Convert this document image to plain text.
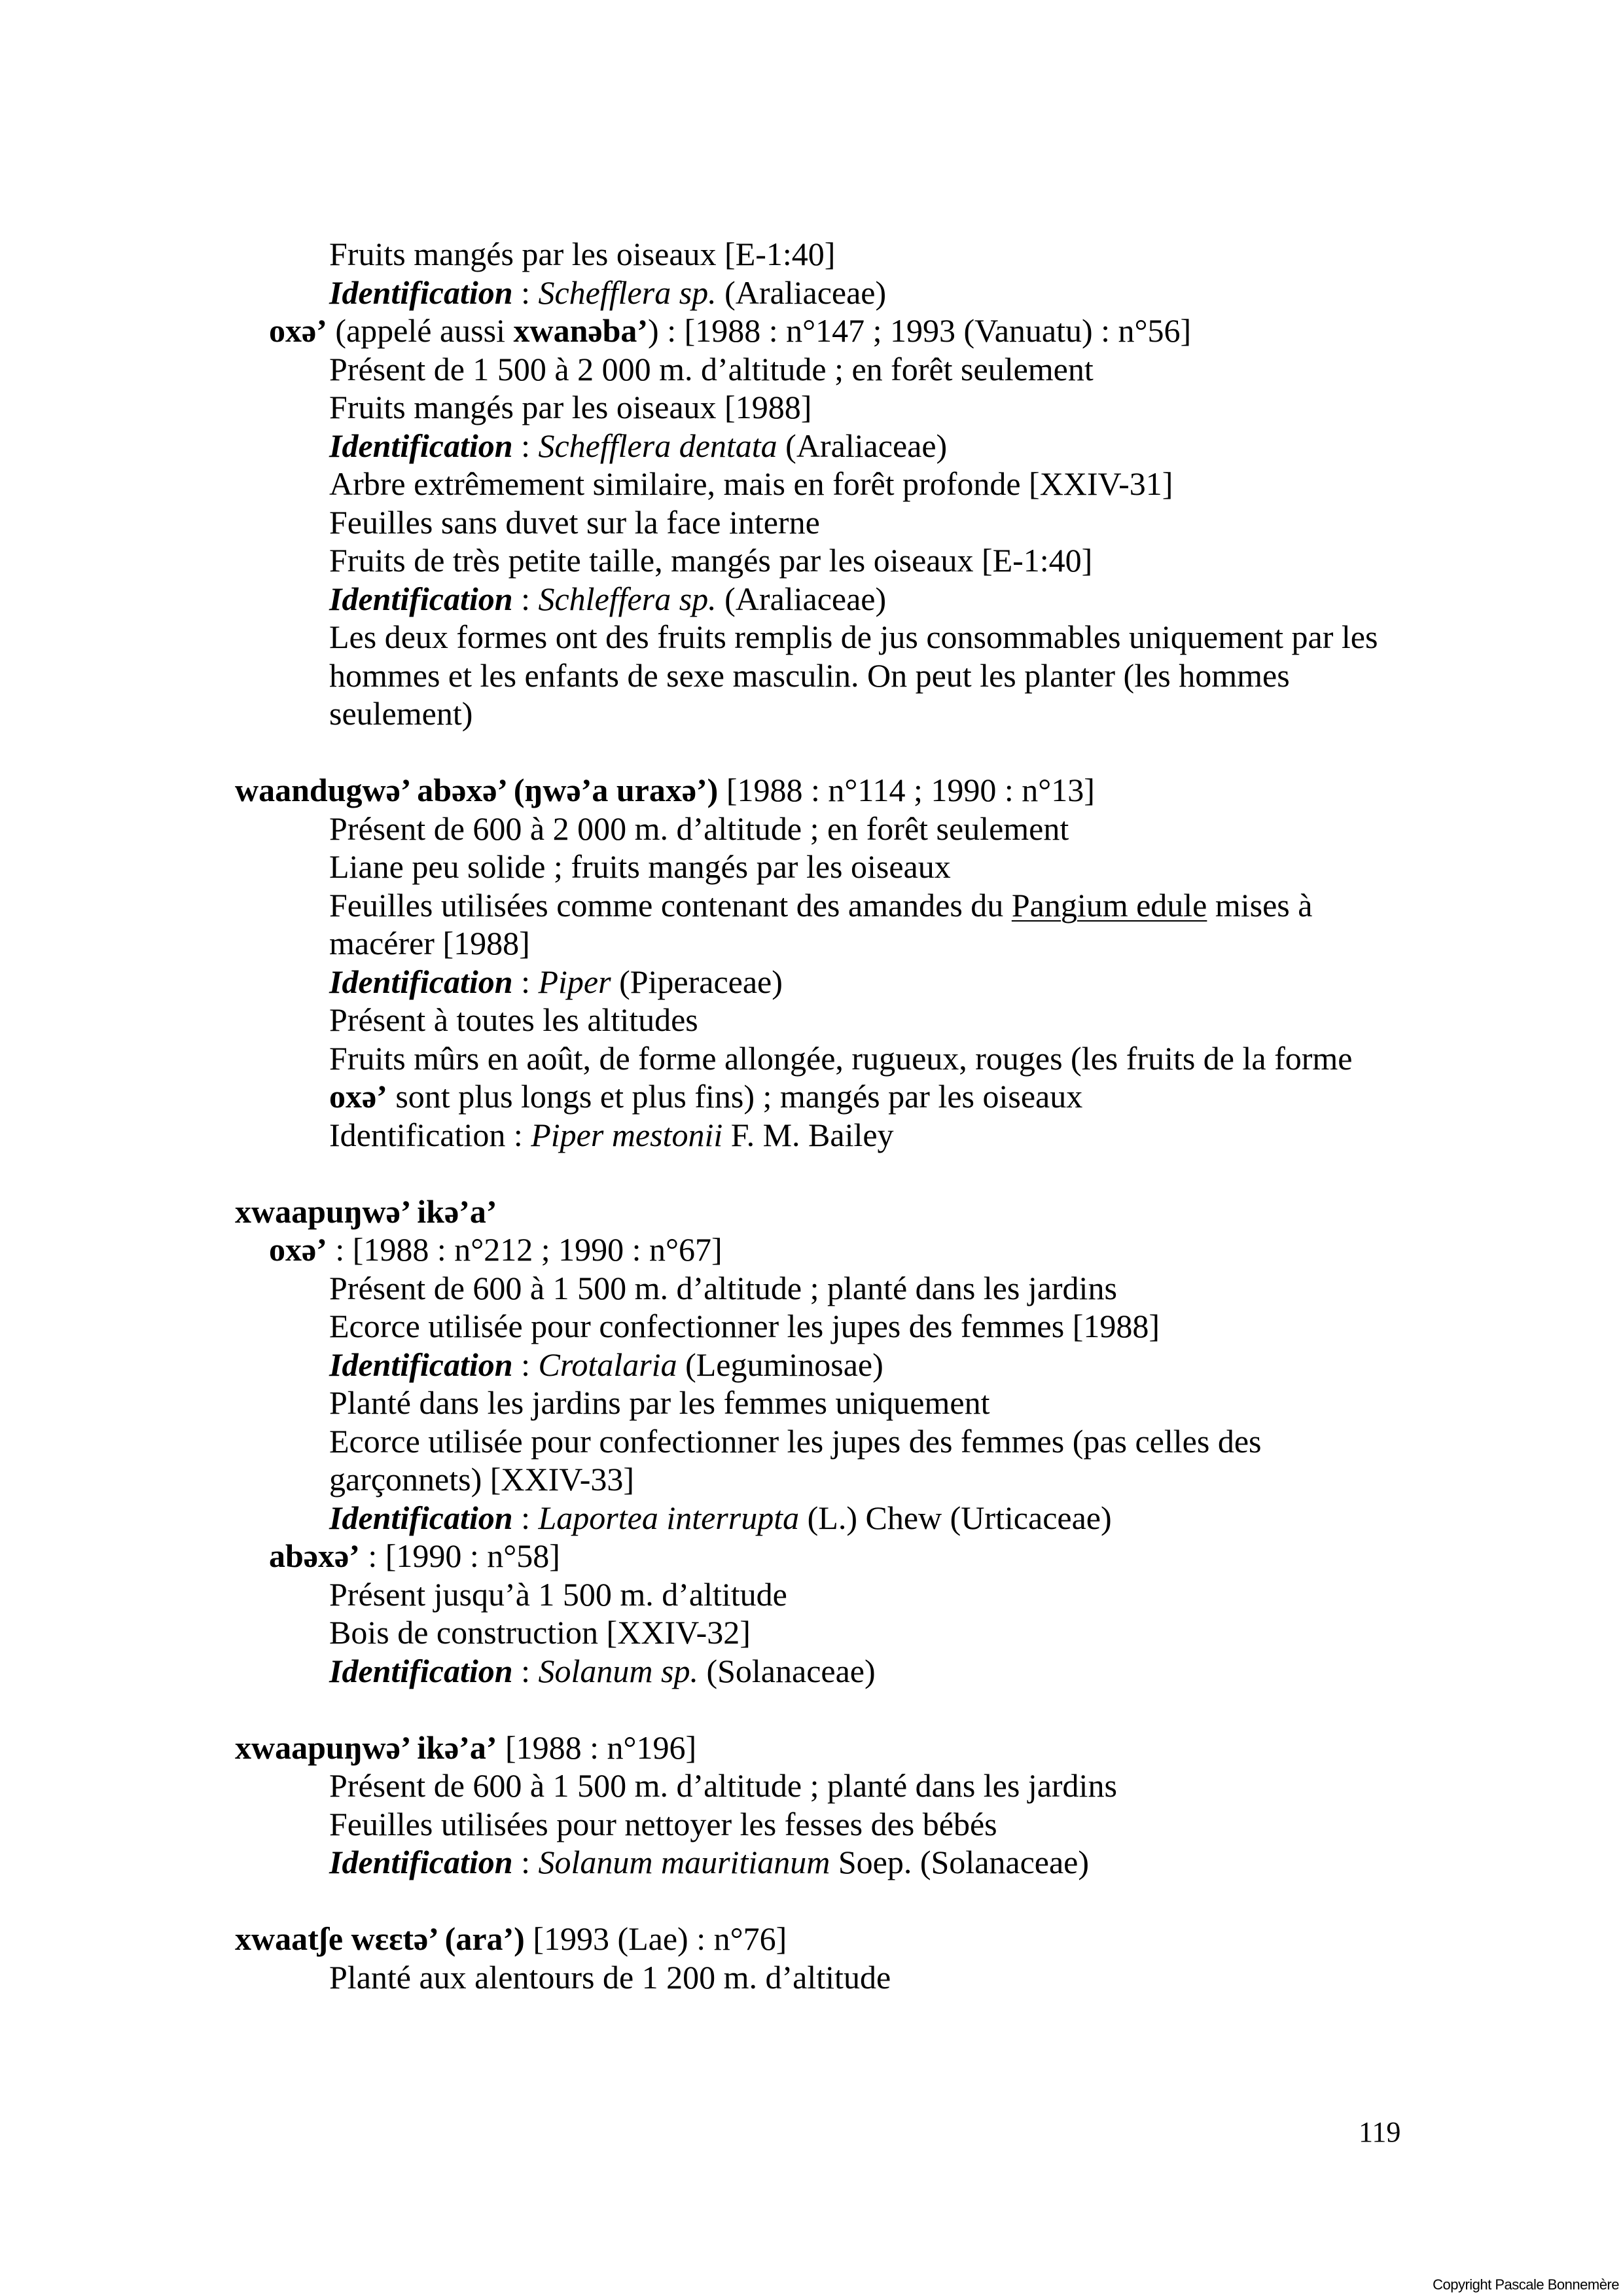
Fruits mangés par les oiseaux [E-1:40]
Identification : Schefflera sp. (Araliaceae)
oxə’ (appelé aussi xwanəba’) : [1988 : n°147 ; 1993 (Vanuatu) : n°56]
Présent de 1 500 à 2 000 m. d’altitude ; en forêt seulement
Fruits mangés par les oiseaux [1988]
Identification : Schefflera dentata (Araliaceae)
Arbre extrêmement similaire, mais en forêt profonde [XXIV-31]
Feuilles sans duvet sur la face interne
Fruits de très petite taille, mangés par les oiseaux [E-1:40]
Identification : Schleffera sp. (Araliaceae)
Les deux formes ont des fruits remplis de jus consommables uniquement par les
hommes et les enfants de sexe masculin. On peut les planter (les hommes
seulement)
waandugwə’ abəxə’ (ŋwə’a uraxə’) [1988 : n°114 ; 1990 : n°13]
Présent de 600 à 2 000 m. d’altitude ; en forêt seulement
Liane peu solide ; fruits mangés par les oiseaux
Feuilles utilisées comme contenant des amandes du Pangium edule mises à
macérer [1988]
Identification : Piper (Piperaceae)
Présent à toutes les altitudes
Fruits mûrs en août, de forme allongée, rugueux, rouges (les fruits de la forme
oxə’ sont plus longs et plus fins) ; mangés par les oiseaux
Identification : Piper mestonii F. M. Bailey
xwaapuŋwə’ ikə’a’
oxə’ : [1988 : n°212 ; 1990 : n°67]
Présent de 600 à 1 500 m. d’altitude ; planté dans les jardins
Ecorce utilisée pour confectionner les jupes des femmes [1988]
Identification : Crotalaria (Leguminosae)
Planté dans les jardins par les femmes uniquement
Ecorce utilisée pour confectionner les jupes des femmes (pas celles des
garçonnets) [XXIV-33]
Identification : Laportea interrupta (L.) Chew (Urticaceae)
abəxə’ : [1990 : n°58]
Présent jusqu’à 1 500 m. d’altitude
Bois de construction [XXIV-32]
Identification : Solanum sp. (Solanaceae)
xwaapuŋwə’ ikə’a’ [1988 : n°196]
Présent de 600 à 1 500 m. d’altitude ; planté dans les jardins
Feuilles utilisées pour nettoyer les fesses des bébés
Identification : Solanum mauritianum Soep. (Solanaceae)
xwaatʃe wɛɛtə’ (ara’) [1993 (Lae) : n°76]
Planté aux alentours de 1 200 m. d’altitude
119
Copyright Pascale Bonnemère
